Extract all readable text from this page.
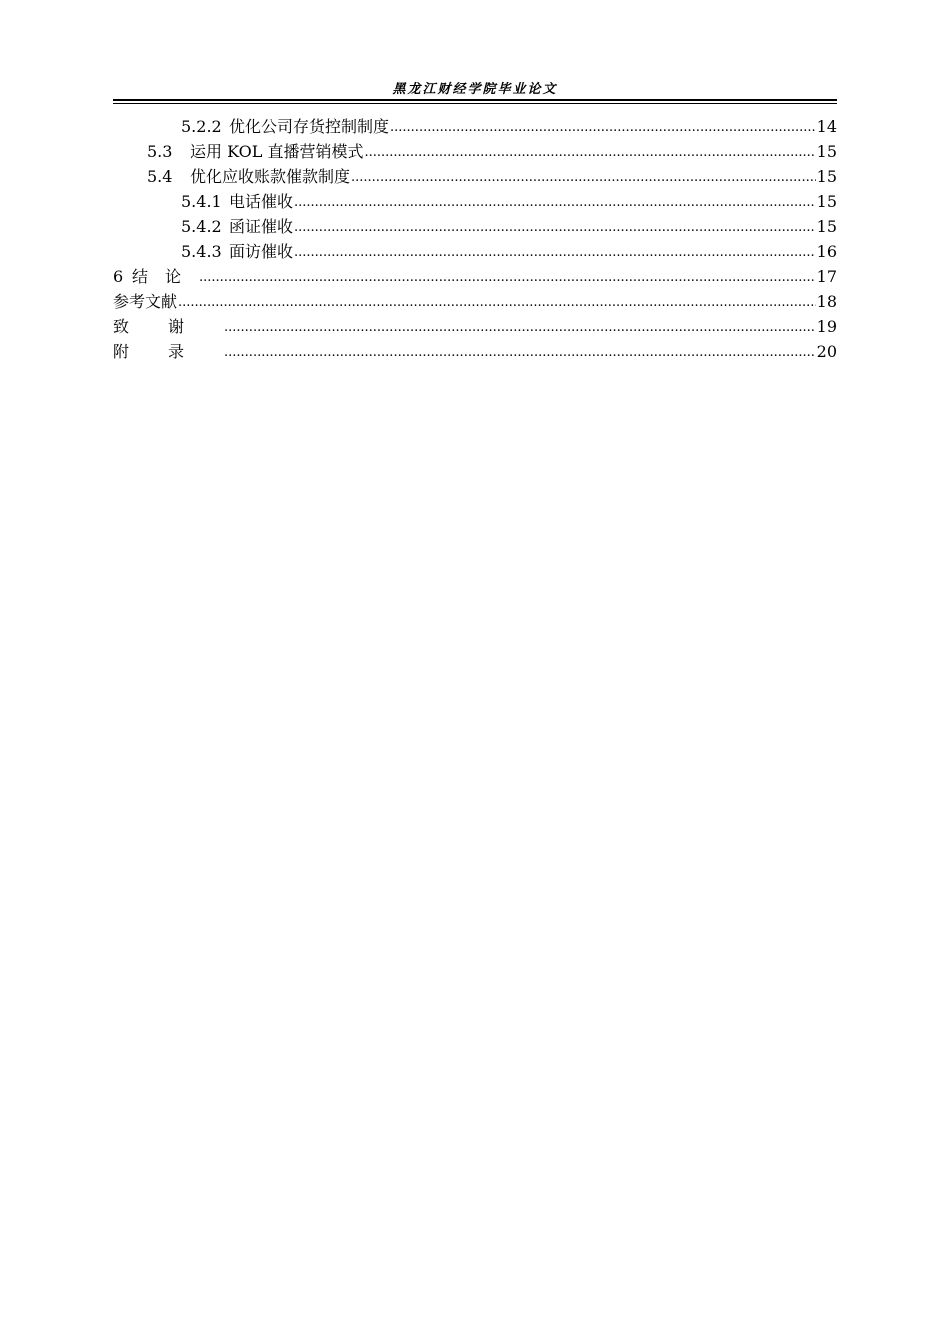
黑龙江财经学院毕业论文
5.2.2 优化公司存货控制制度 .....	14
5.3	运用 KOL 直播营销模式 .....	15
5.4	优化应收账款催款制度 .....	15
5.4.1 电话催收 .....	15
5.4.2 函证催收 .....	15
5.4.3 面访催收 .....	16
6 结论 .....	17
参考文献 .....	18
致谢 .....	19
附录 .....	20
